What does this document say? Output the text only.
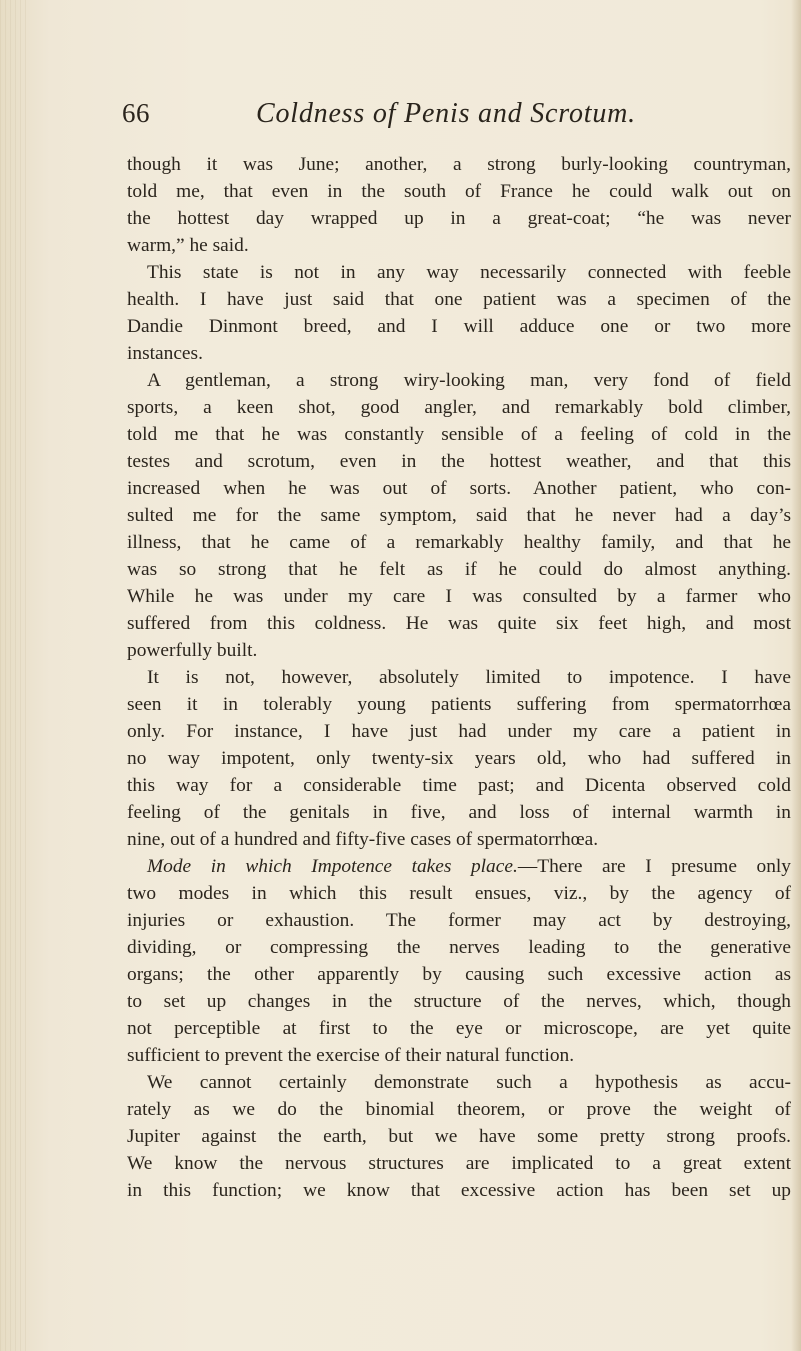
66	Coldness of Penis and Scrotum.
though it was June; another, a strong burly-looking countryman,
told me, that even in the south of France he could walk out on
the hottest day wrapped up in a great-coat; “he was never
warm,” he said.
This state is not in any way necessarily connected with feeble
health. I have just said that one patient was a specimen of the
Dandie Dinmont breed, and I will adduce one or two more
instances.
A gentleman, a strong wiry-looking man, very fond of field
sports, a keen shot, good angler, and remarkably bold climber,
told me that he was constantly sensible of a feeling of cold in the
testes and scrotum, even in the hottest weather, and that this
increased when he was out of sorts. Another patient, who con-
sulted me for the same symptom, said that he never had a day’s
illness, that he came of a remarkably healthy family, and that he
was so strong that he felt as if he could do almost anything.
While he was under my care I was consulted by a farmer who
suffered from this coldness. He was quite six feet high, and most
powerfully built.
It is not, however, absolutely limited to impotence. I have
seen it in tolerably young patients suffering from spermatorrhœa
only. For instance, I have just had under my care a patient in
no way impotent, only twenty-six years old, who had suffered in
this way for a considerable time past; and Dicenta observed cold
feeling of the genitals in five, and loss of internal warmth in
nine, out of a hundred and fifty-five cases of spermatorrhœa.
Mode in which Impotence takes place.—There are I presume only
two modes in which this result ensues, viz., by the agency of
injuries or exhaustion. The former may act by destroying,
dividing, or compressing the nerves leading to the generative
organs; the other apparently by causing such excessive action as
to set up changes in the structure of the nerves, which, though
not perceptible at first to the eye or microscope, are yet quite
sufficient to prevent the exercise of their natural function.
We cannot certainly demonstrate such a hypothesis as accu-
rately as we do the binomial theorem, or prove the weight of
Jupiter against the earth, but we have some pretty strong proofs.
We know the nervous structures are implicated to a great extent
in this function; we know that excessive action has been set up
